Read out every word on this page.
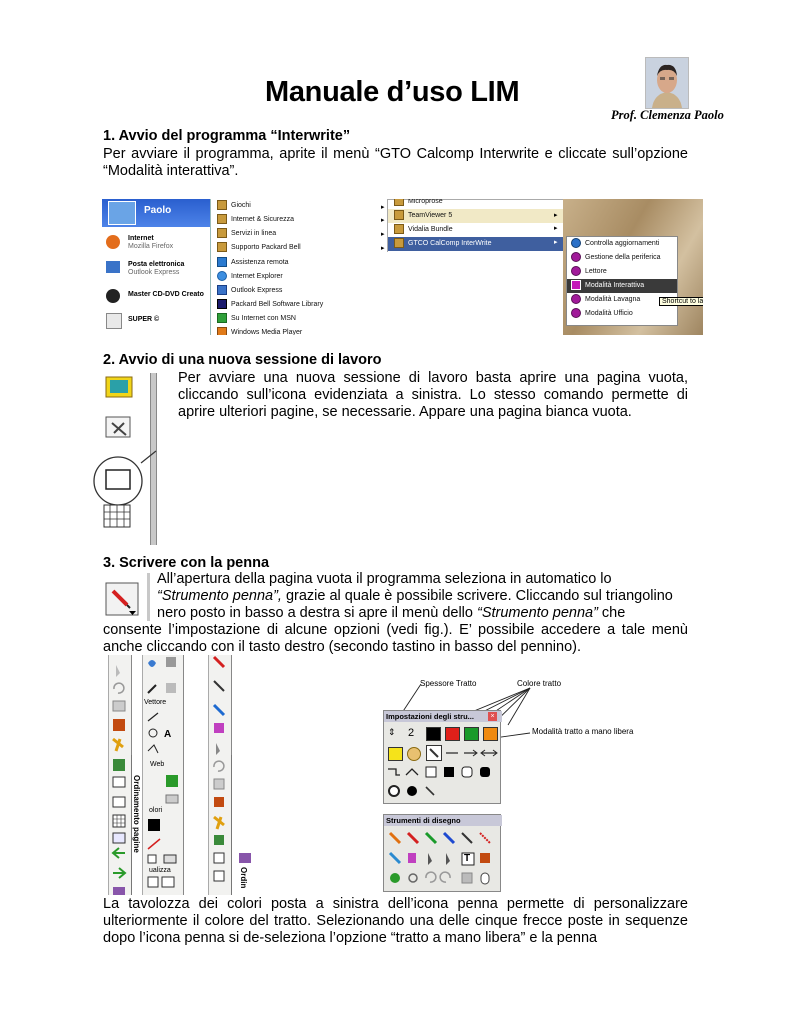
Manuale d’uso LIM
Prof. Clemenza Paolo
1. Avvio del programma “Interwrite”

Per avviare il programma, aprite il menù “GTO Calcomp Interwrite e cliccate sull’opzione “Modalità interattiva”.

Paolo
Internet
Mozilla Firefox
Posta elettronica
Outlook Express
Master CD-DVD Creato
SUPER ©
Giochi
Internet & Sicurezza
Servizi in linea
Supporto Packard Bell
Assistenza remota
Internet Explorer
Outlook Express
Packard Bell Software Library
Su Internet con MSN
Windows Media Player
▸
▸
▸
▸
Microprose
TeamViewer 5
Vidalia Bundle
GTCO CalComp InterWrite
▸
▸
▸	Controlla aggiornamenti
Gestione della periferica
Lettore
Modalità Interattiva
Modalità Lavagna
Modalità Ufficio
Shortcut to la
2. Avvio di una nuova sessione di lavoro

Per avviare una nuova sessione di lavoro basta aprire una pagina vuota, cliccando sull’icona evidenziata a sinistra. Lo stesso comando permette di aprire ulteriori pagine, se necessarie. Appare una pagina bianca vuota.

3. Scrivere con la penna

All’apertura della pagina vuota il programma seleziona in automatico lo

“Strumento penna”, grazie al quale è possibile scrivere. Cliccando sul triangolino

nero posto in basso a destra si apre il menù dello “Strumento penna” che

consente l’impostazione di alcune opzioni (vedi fig.). E’ possibile accedere a tale menù anche cliccando con il tasto destro (secondo tastino in basso del pennino).

Ordinamento pagine
Vettore
A
Web
olori
ualizza	Ordin
Spessore Tratto	Colore tratto
Modalità tratto a mano libera
Impostazioni degli stru...	×
⇕	2
Strumenti di disegno
T

La tavolozza dei colori posta a sinistra dell’icona penna permette di personalizzare ulteriormente il colore del tratto. Selezionando una delle cinque frecce poste in sequenze dopo l’icona penna si de-seleziona l’opzione “tratto a mano libera” e la penna
